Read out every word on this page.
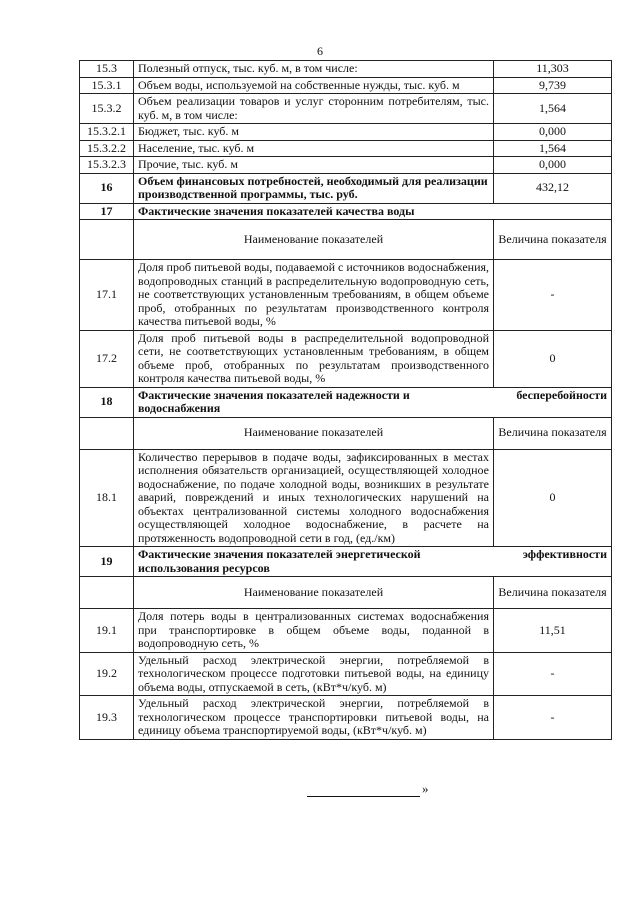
6
15.3	Полезный отпуск, тыс. куб. м, в том числе:	11,303
15.3.1	Объем воды, используемой на собственные нужды, тыс. куб. м	9,739
15.3.2	Объем реализации товаров и услуг сторонним потребителям, тыс. куб. м, в том числе:	1,564
15.3.2.1	Бюджет, тыс. куб. м	0,000
15.3.2.2	Население, тыс. куб. м	1,564
15.3.2.3	Прочие, тыс. куб. м	0,000
16	Объем финансовых потребностей, необходимый для реализации производственной программы, тыс. руб.	432,12
17	Фактические значения показателей качества воды	
	Наименование показателей	Величина показателя
17.1	Доля проб питьевой воды, подаваемой с источников водоснабжения, водопроводных станций в распределительную водопроводную сеть, не соответствующих установленным требованиям, в общем объеме проб, отобранных по результатам производственного контроля качества питьевой воды, %	-
17.2	Доля проб питьевой воды в распределительной водопроводной сети, не соответствующих установленным требованиям, в общем объеме проб, отобранных по результатам производственного контроля качества питьевой воды, %	0
18	Фактические значения показателей надежности и бесперебойности
водоснабжения	

	Наименование показателей	Величина показателя
18.1	Количество перерывов в подаче воды, зафиксированных в местах исполнения обязательств организацией, осуществляющей холодное водоснабжение, по подаче холодной воды, возникших в результате аварий, повреждений и иных технологических нарушений на объектах централизованной системы холодного водоснабжения осуществляющей холодное водоснабжение, в расчете на протяженность водопроводной сети в год, (ед./км)	0
19	Фактические значения показателей энергетической эффективности
использования ресурсов	

	Наименование показателей	Величина показателя
19.1	Доля потерь воды в централизованных системах водоснабжения при транспортировке в общем объеме воды, поданной в водопроводную сеть, %	11,51
19.2	Удельный расход электрической энергии, потребляемой в технологическом процессе подготовки питьевой воды, на единицу объема воды, отпускаемой в сеть, (кВт*ч/куб. м)	-
19.3	Удельный расход электрической энергии, потребляемой в технологическом процессе транспортировки питьевой воды, на единицу объема транспортируемой воды, (кВт*ч/куб. м)	-
»
